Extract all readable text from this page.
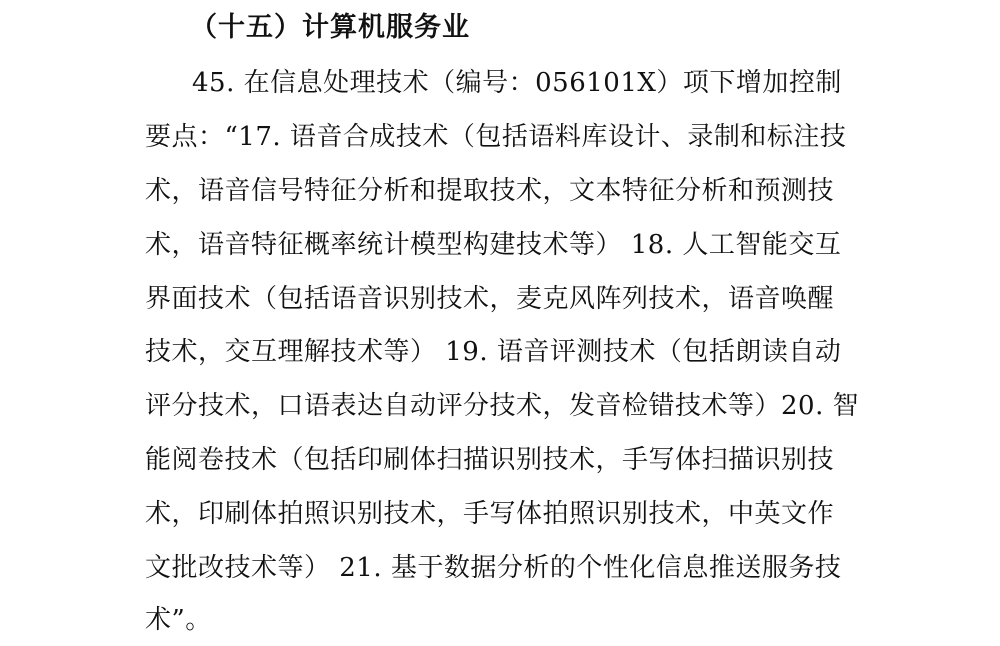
（十五）计算机服务业
45. 在信息处理技术（编号：056101X）项下增加控制
要点：“17. 语音合成技术（包括语料库设计、录制和标注技
术，语音信号特征分析和提取技术，文本特征分析和预测技
术，语音特征概率统计模型构建技术等） 18. 人工智能交互
界面技术（包括语音识别技术，麦克风阵列技术，语音唤醒
技术，交互理解技术等） 19. 语音评测技术（包括朗读自动
评分技术，口语表达自动评分技术，发音检错技术等）20. 智
能阅卷技术（包括印刷体扫描识别技术，手写体扫描识别技
术，印刷体拍照识别技术，手写体拍照识别技术，中英文作
文批改技术等） 21. 基于数据分析的个性化信息推送服务技
术”。
